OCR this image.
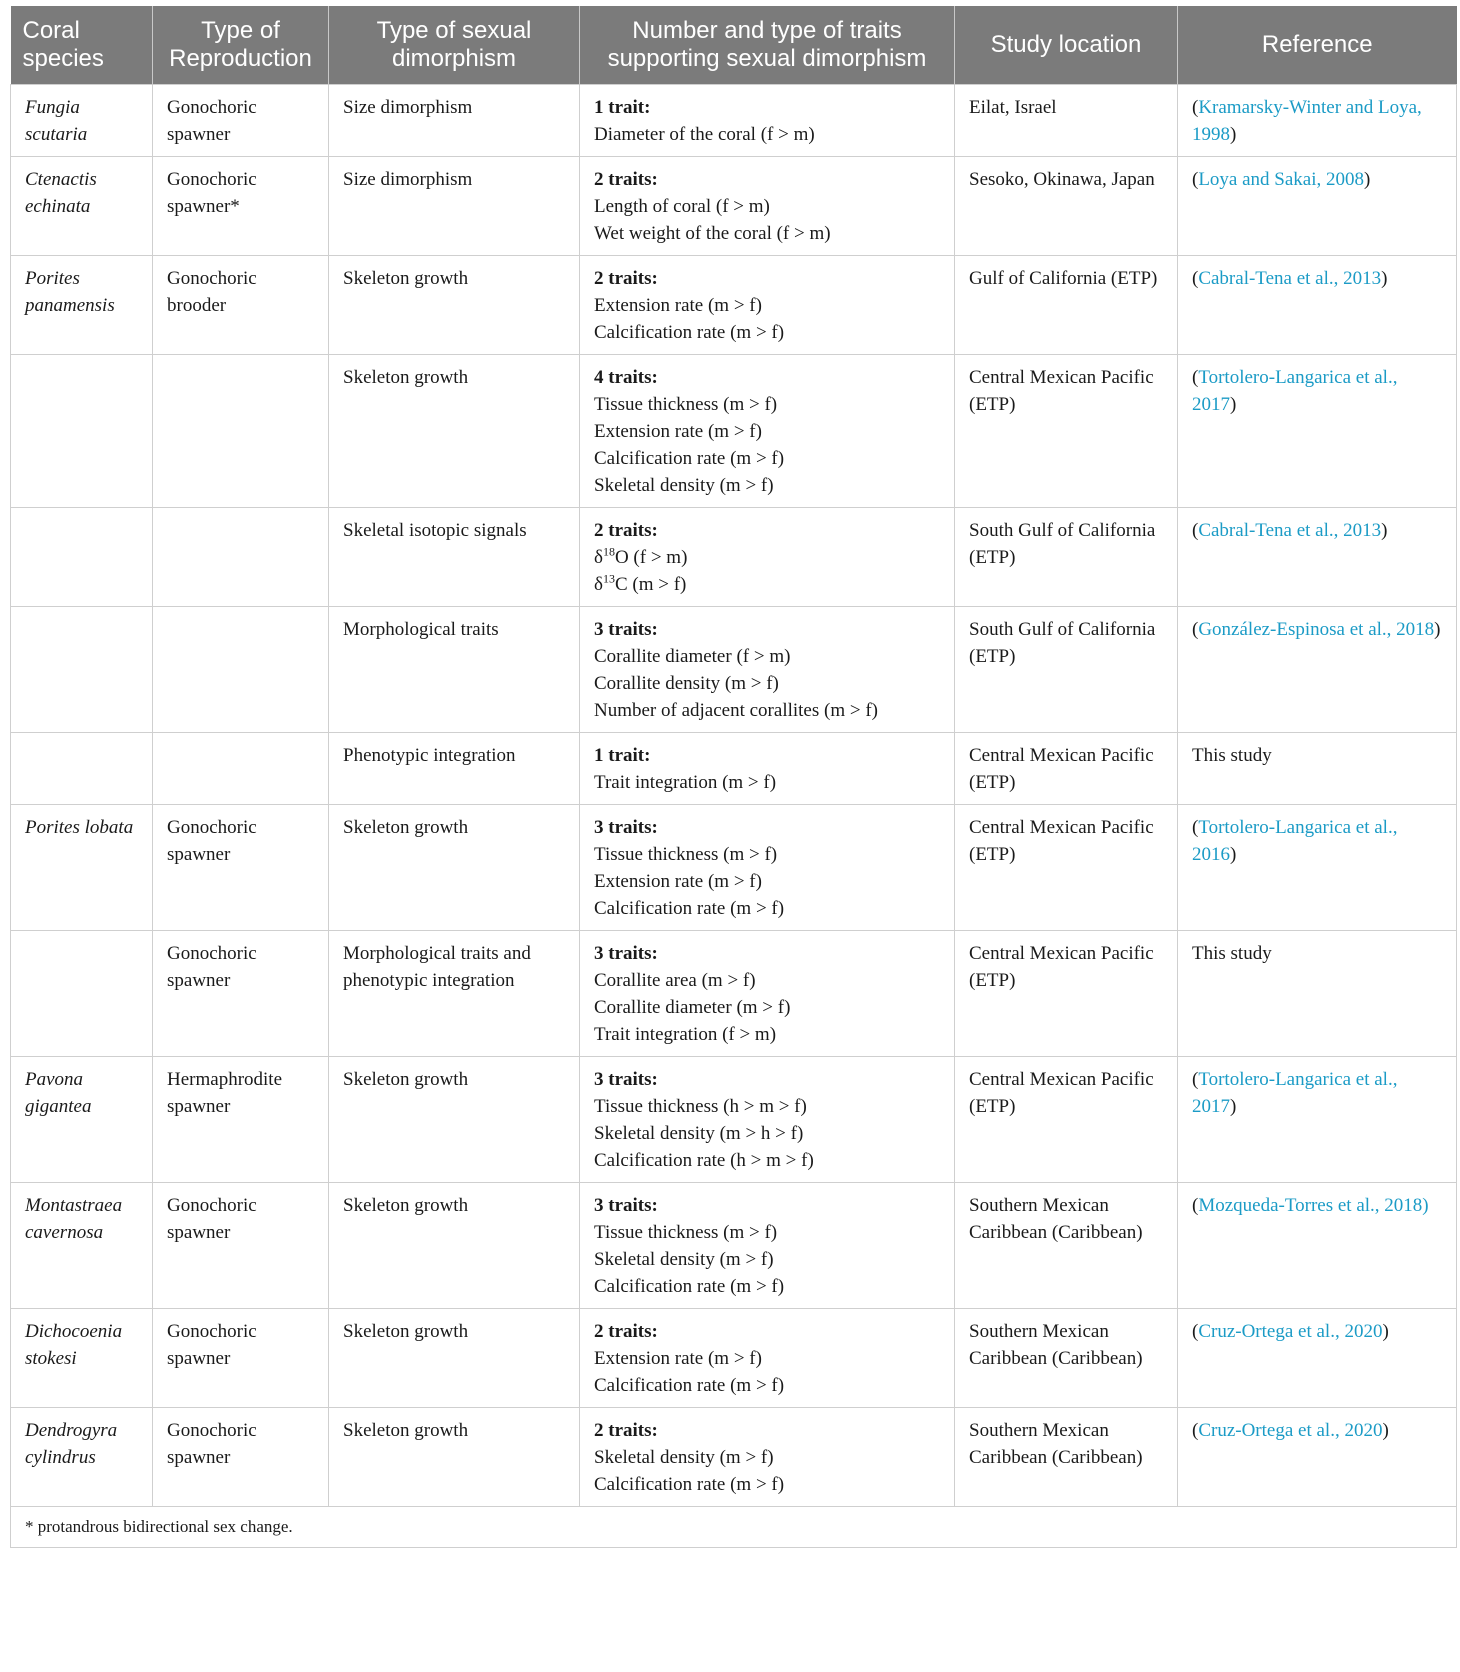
Coral species	Type of Reproduction	Type of sexual dimorphism	Number and type of traits supporting sexual dimorphism	Study location	Reference
Fungia scutaria	Gonochoric spawner	Size dimorphism	1 trait:
Diameter of the coral (f > m)	Eilat, Israel	(Kramarsky-Winter and Loya, 1998)
Ctenactis echinata	Gonochoric spawner*	Size dimorphism	2 traits:
Length of coral (f > m)
Wet weight of the coral (f > m)	Sesoko, Okinawa, Japan	(Loya and Sakai, 2008)
Porites panamensis	Gonochoric brooder	Skeleton growth	2 traits:
Extension rate (m > f)
Calcification rate (m > f)	Gulf of California (ETP)	(Cabral-Tena et al., 2013)
		Skeleton growth	4 traits:
Tissue thickness (m > f)
Extension rate (m > f)
Calcification rate (m > f)
Skeletal density (m > f)	Central Mexican Pacific (ETP)	(Tortolero-Langarica et al., 2017)
		Skeletal isotopic signals	2 traits:
$\delta^{18}O$ (f > m)
$\delta^{13}C$ (m > f)	South Gulf of California (ETP)	(Cabral-Tena et al., 2013)
		Morphological traits	3 traits:
Corallite diameter (f > m)
Corallite density (m > f)
Number of adjacent corallites (m > f)	South Gulf of California (ETP)	(González-Espinosa et al., 2018)
		Phenotypic integration	1 trait:
Trait integration (m > f)	Central Mexican Pacific (ETP)	This study
Porites lobata	Gonochoric spawner	Skeleton growth	3 traits:
Tissue thickness (m > f)
Extension rate (m > f)
Calcification rate (m > f)	Central Mexican Pacific (ETP)	(Tortolero-Langarica et al., 2016)
	Gonochoric spawner	Morphological traits and phenotypic integration	3 traits:
Corallite area (m > f)
Corallite diameter (m > f)
Trait integration (f > m)	Central Mexican Pacific (ETP)	This study
Pavona gigantea	Hermaphrodite spawner	Skeleton growth	3 traits:
Tissue thickness (h > m > f)
Skeletal density (m > h > f)
Calcification rate (h > m > f)	Central Mexican Pacific (ETP)	(Tortolero-Langarica et al., 2017)
Montastraea cavernosa	Gonochoric spawner	Skeleton growth	3 traits:
Tissue thickness (m > f)
Skeletal density (m > f)
Calcification rate (m > f)	Southern Mexican Caribbean (Caribbean)	(Mozqueda-Torres et al., 2018)
Dichocoenia stokesi	Gonochoric spawner	Skeleton growth	2 traits:
Extension rate (m > f)
Calcification rate (m > f)	Southern Mexican Caribbean (Caribbean)	(Cruz-Ortega et al., 2020)
Dendrogyra cylindrus	Gonochoric spawner	Skeleton growth	2 traits:
Skeletal density (m > f)
Calcification rate (m > f)	Southern Mexican Caribbean (Caribbean)	(Cruz-Ortega et al., 2020)
* protandrous bidirectional sex change.					
